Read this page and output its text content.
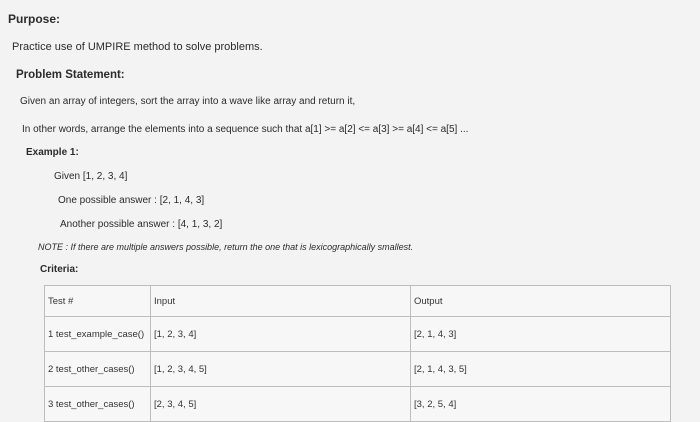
Purpose:
Practice use of UMPIRE method to solve problems.
Problem Statement:
Given an array of integers, sort the array into a wave like array and return it,
In other words, arrange the elements into a sequence such that a[1] >= a[2] <= a[3] >= a[4] <= a[5] ...
Example 1:
Given [1, 2, 3, 4]
One possible answer : [2, 1, 4, 3]
Another possible answer : [4, 1, 3, 2]
NOTE : If there are multiple answers possible, return the one that is lexicographically smallest.
Criteria:
Test #	Input	Output
1 test_example_case()	[1, 2, 3, 4]	[2, 1, 4, 3]
2 test_other_cases()	[1, 2, 3, 4, 5]	[2, 1, 4, 3, 5]
3 test_other_cases()	[2, 3, 4, 5]	[3, 2, 5, 4]
